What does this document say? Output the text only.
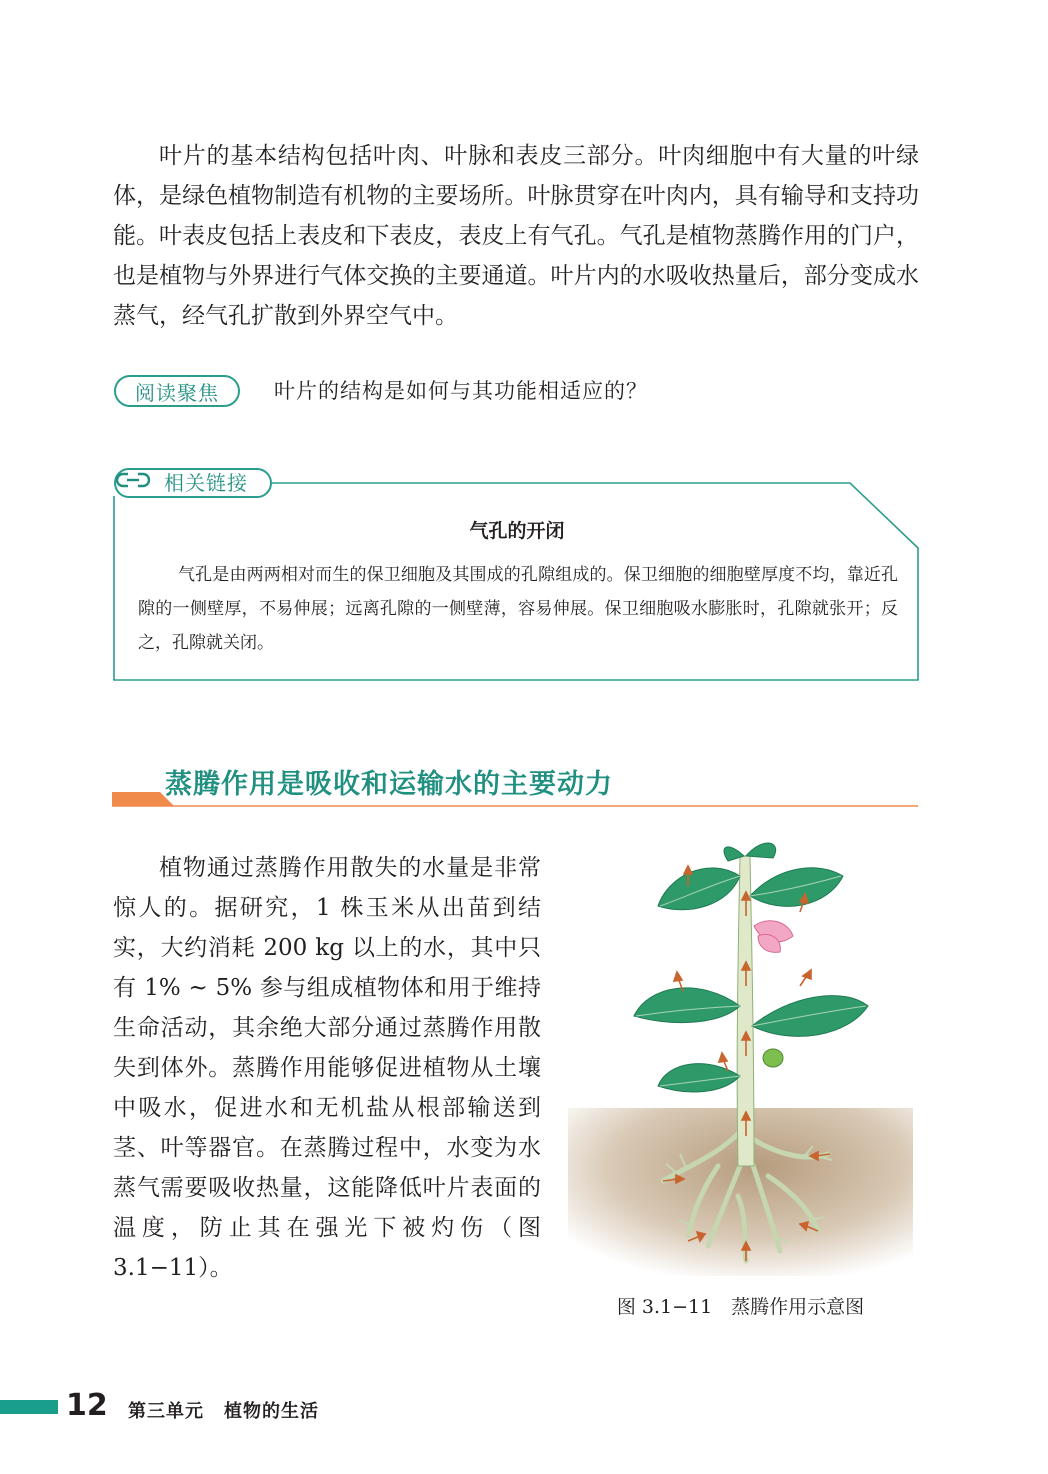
叶片的基本结构包括叶肉、叶脉和表皮三部分。叶肉细胞中有大量的叶绿体，是绿色植物制造有机物的主要场所。叶脉贯穿在叶肉内，具有输导和支持功能。叶表皮包括上表皮和下表皮，表皮上有气孔。气孔是植物蒸腾作用的门户，也是植物与外界进行气体交换的主要通道。叶片内的水吸收热量后，部分变成水蒸气，经气孔扩散到外界空气中。

阅读聚焦	叶片的结构是如何与其功能相适应的？
相关链接
气孔的开闭

气孔是由两两相对而生的保卫细胞及其围成的孔隙组成的。保卫细胞的细胞壁厚度不均，靠近孔隙的一侧壁厚，不易伸展；远离孔隙的一侧壁薄，容易伸展。保卫细胞吸水膨胀时，孔隙就张开；反之，孔隙就关闭。

蒸腾作用是吸收和运输水的主要动力

植物通过蒸腾作用散失的水量是非常惊人的。据研究，1 株玉米从出苗到结实，大约消耗 200 kg 以上的水，其中只有 1% ~ 5% 参与组成植物体和用于维持生命活动，其余绝大部分通过蒸腾作用散失到体外。蒸腾作用能够促进植物从土壤中吸水，促进水和无机盐从根部输送到茎、叶等器官。在蒸腾过程中，水变为水蒸气需要吸收热量，这能降低叶片表面的温度，防止其在强光下被灼伤（图 3.1−11）。

图 3.1−11　蒸腾作用示意图
12 第三单元 植物的生活
